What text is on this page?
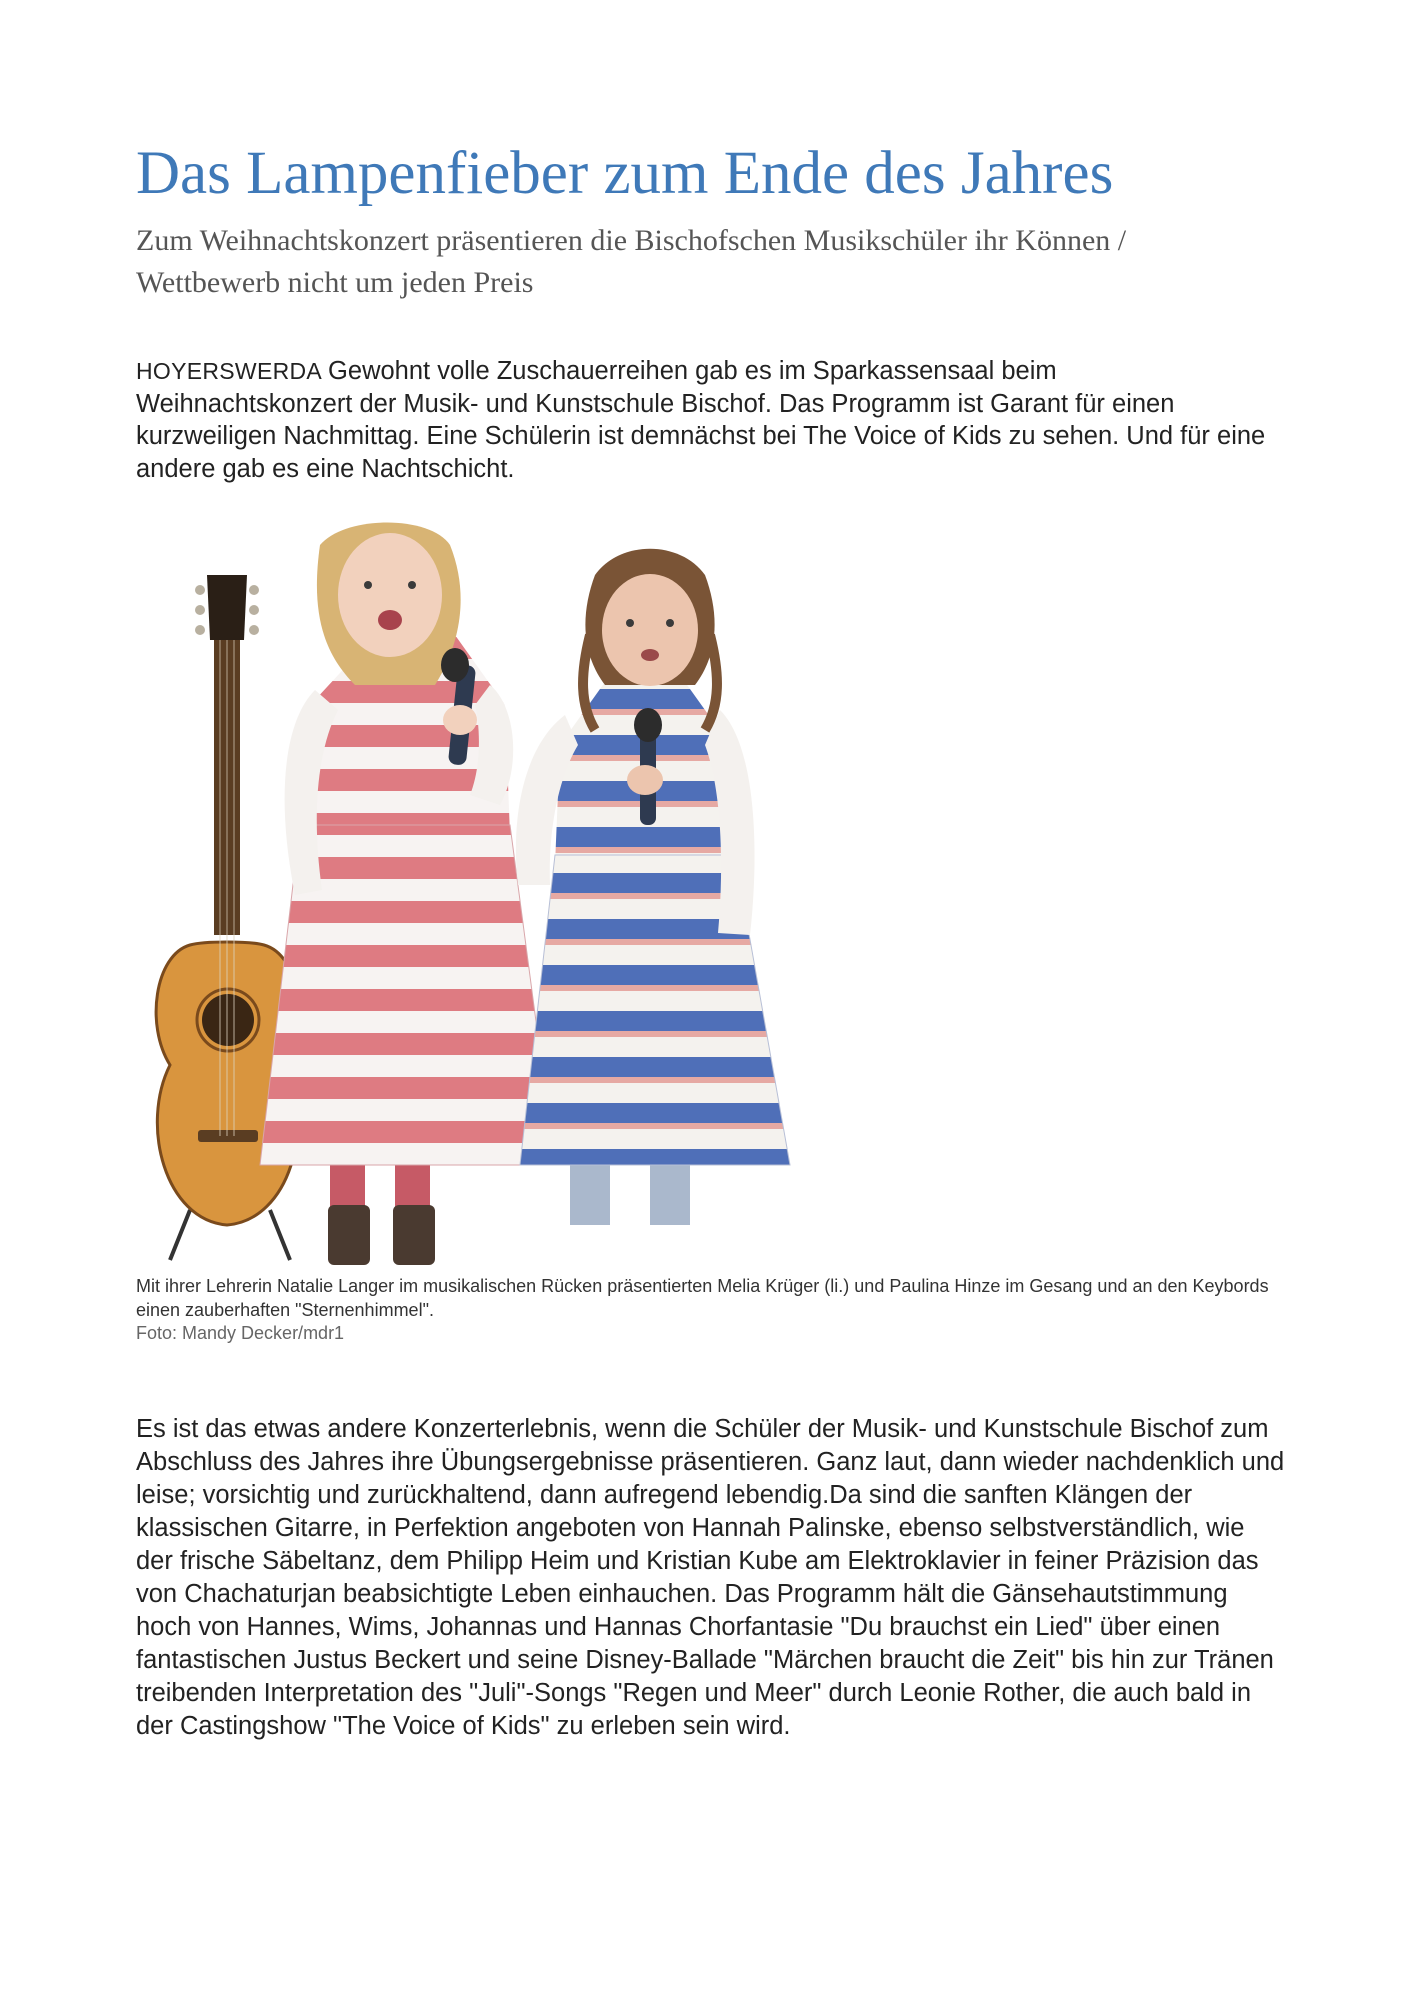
Das Lampenfieber zum Ende des Jahres
Zum Weihnachtskonzert präsentieren die Bischofschen Musikschüler ihr Können /
Wettbewerb nicht um jeden Preis

HOYERSWERDA Gewohnt volle Zuschauerreihen gab es im Sparkassensaal beim Weihnachtskonzert der Musik- und Kunstschule Bischof. Das Programm ist Garant für einen kurzweiligen Nachmittag. Eine Schülerin ist demnächst bei The Voice of Kids zu sehen. Und für eine andere gab es eine Nachtschicht.

Mit ihrer Lehrerin Natalie Langer im musikalischen Rücken präsentierten Melia Krüger (li.) und Paulina Hinze im Gesang und an den Keybords einen zauberhaften "Sternenhimmel".

Foto: Mandy Decker/mdr1

Es ist das etwas andere Konzerterlebnis, wenn die Schüler der Musik- und Kunstschule Bischof zum Abschluss des Jahres ihre Übungsergebnisse präsentieren. Ganz laut, dann wieder nachdenklich und leise; vorsichtig und zurückhaltend, dann aufregend lebendig.Da sind die sanften Klängen der klassischen Gitarre, in Perfektion angeboten von Hannah Palinske, ebenso selbstverständlich, wie der frische Säbeltanz, dem Philipp Heim und Kristian Kube am Elektroklavier in feiner Präzision das von Chachaturjan beabsichtigte Leben einhauchen. Das Programm hält die Gänsehautstimmung hoch von Hannes, Wims, Johannas und Hannas Chorfantasie "Du brauchst ein Lied" über einen fantastischen Justus Beckert und seine Disney-Ballade "Märchen braucht die Zeit" bis hin zur Tränen treibenden Interpretation des "Juli"-Songs "Regen und Meer" durch Leonie Rother, die auch bald in der Castingshow "The Voice of Kids" zu erleben sein wird.
